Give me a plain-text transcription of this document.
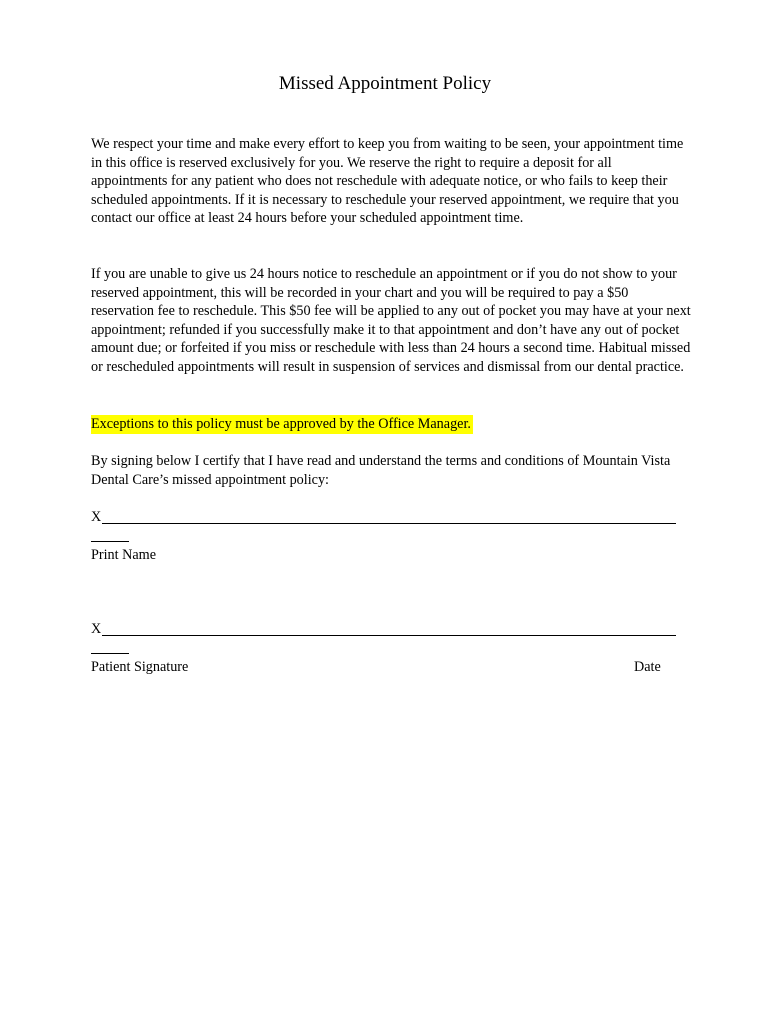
Missed Appointment Policy

We respect your time and make every effort to keep you from waiting to be seen, your appointment time in this office is reserved exclusively for you. We reserve the right to require a deposit for all appointments for any patient who does not reschedule with adequate notice, or who fails to keep their scheduled appointments. If it is necessary to reschedule your reserved appointment, we require that you contact our office at least 24 hours before your scheduled appointment time.

If you are unable to give us 24 hours notice to reschedule an appointment or if you do not show to your reserved appointment, this will be recorded in your chart and you will be required to pay a $50 reservation fee to reschedule. This $50 fee will be applied to any out of pocket you may have at your next appointment; refunded if you successfully make it to that appointment and don’t have any out of pocket amount due; or forfeited if you miss or reschedule with less than 24 hours a second time. Habitual missed or rescheduled appointments will result in suspension of services and dismissal from our dental practice.

Exceptions to this policy must be approved by the Office Manager.

By signing below I certify that I have read and understand the terms and conditions of Mountain Vista Dental Care’s missed appointment policy:

X
Print Name
X
Patient Signature	Date
